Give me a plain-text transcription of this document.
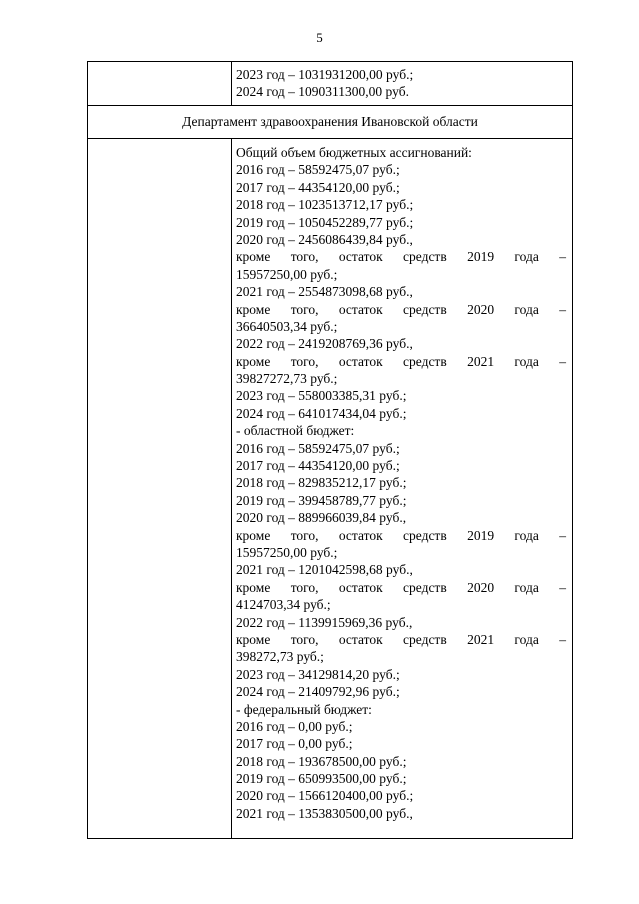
5
2023 год – 1031931200,00 руб.;
2024 год – 1090311300,00 руб.
Департамент здравоохранения Ивановской области
Общий объем бюджетных ассигнований:
2016 год – 58592475,07 руб.;
2017 год – 44354120,00 руб.;
2018 год – 1023513712,17 руб.;
2019 год – 1050452289,77 руб.;
2020 год – 2456086439,84 руб.,
кроме того, остаток средств 2019 года –
15957250,00 руб.;
2021 год – 2554873098,68 руб.,
кроме того, остаток средств 2020 года –
36640503,34 руб.;
2022 год – 2419208769,36 руб.,
кроме того, остаток средств 2021 года –
39827272,73 руб.;
2023 год – 558003385,31 руб.;
2024 год – 641017434,04 руб.;
- областной бюджет:
2016 год – 58592475,07 руб.;
2017 год – 44354120,00 руб.;
2018 год – 829835212,17 руб.;
2019 год – 399458789,77 руб.;
2020 год – 889966039,84 руб.,
кроме того, остаток средств 2019 года –
15957250,00 руб.;
2021 год – 1201042598,68 руб.,
кроме того, остаток средств 2020 года –
4124703,34 руб.;
2022 год – 1139915969,36 руб.,
кроме того, остаток средств 2021 года –
398272,73 руб.;
2023 год – 34129814,20 руб.;
2024 год – 21409792,96 руб.;
- федеральный бюджет:
2016 год – 0,00 руб.;
2017 год – 0,00 руб.;
2018 год – 193678500,00 руб.;
2019 год – 650993500,00 руб.;
2020 год – 1566120400,00 руб.;
2021 год – 1353830500,00 руб.,
